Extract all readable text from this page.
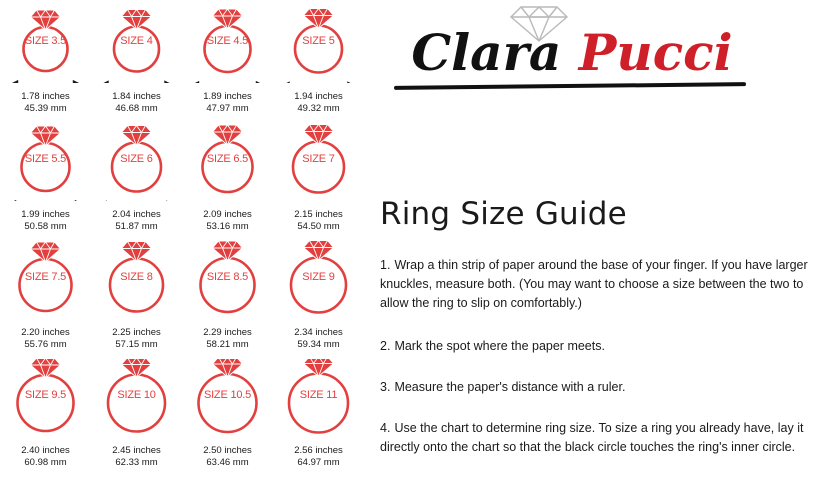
SIZE 3.5
1.78 inches
45.39 mm
SIZE 4
1.84 inches
46.68 mm
SIZE 4.5
1.89 inches
47.97 mm
SIZE 5
1.94 inches
49.32 mm
SIZE 5.5
1.99 inches
50.58 mm
SIZE 6
2.04 inches
51.87 mm
SIZE 6.5
2.09 inches
53.16 mm
SIZE 7
2.15 inches
54.50 mm
SIZE 7.5
2.20 inches
55.76 mm
SIZE 8
2.25 inches
57.15 mm
SIZE 8.5
2.29 inches
58.21 mm
SIZE 9
2.34 inches
59.34 mm
SIZE 9.5
2.40 inches
60.98 mm
SIZE 10
2.45 inches
62.33 mm
SIZE 10.5
2.50 inches
63.46 mm
SIZE 11
2.56 inches
64.97 mm
Clara Pucci
Ring Size Guide
1. Wrap a thin strip of paper around the base of your finger. If you have larger knuckles, measure both. (You may want to choose a size between the two to allow the ring to slip on comfortably.)
2. Mark the spot where the paper meets.
3. Measure the paper's distance with a ruler.
4. Use the chart to determine ring size. To size a ring you already have, lay it directly onto the chart so that the black circle touches the ring's inner circle.
